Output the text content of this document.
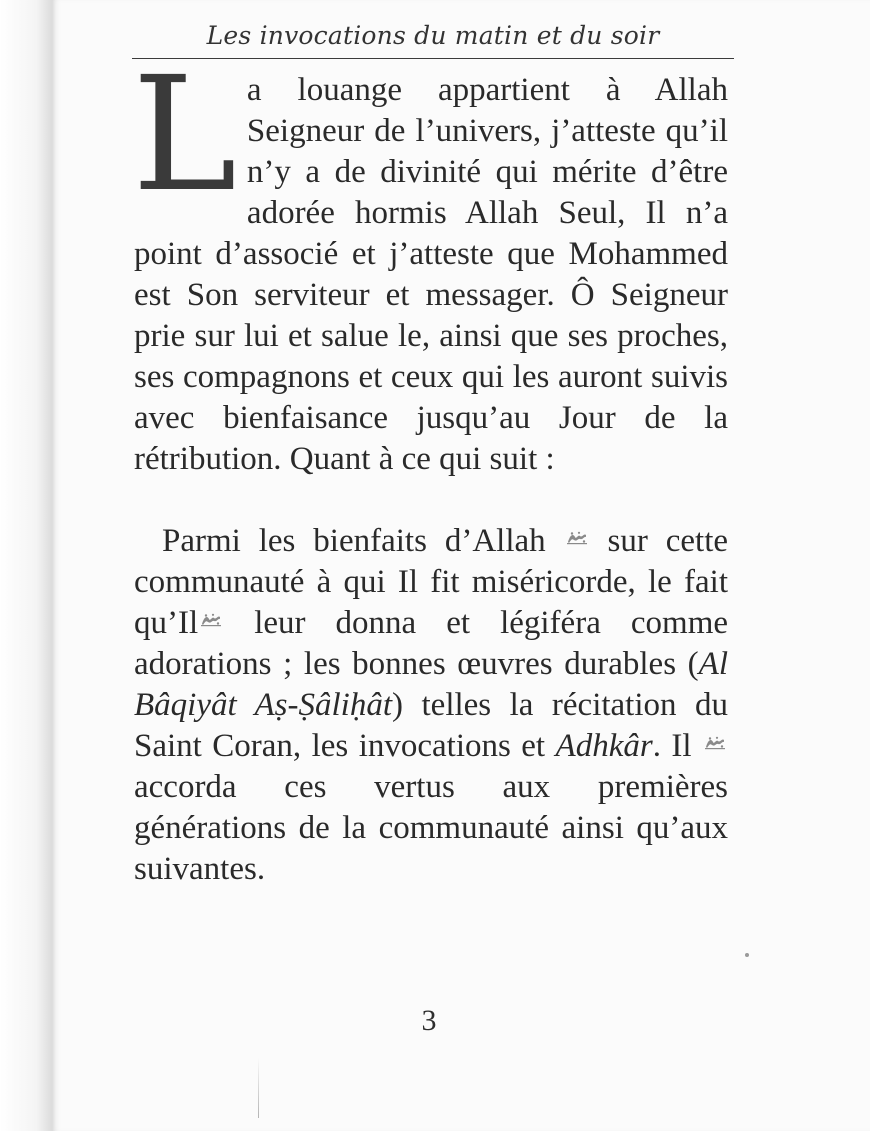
Les invocations du matin et du soir

La louange appartient à Allah Seigneur de l’univers, j’atteste qu’il n’y a de divinité qui mérite d’être adorée hormis Allah Seul, Il n’a point d’associé et j’atteste que Mohammed est Son serviteur et messager. Ô Seigneur prie sur lui et salue le, ainsi que ses proches, ses compagnons et ceux qui les auront suivis avec bienfaisance jusqu’au Jour de la rétribution. Quant à ce qui suit :

Parmi les bienfaits d’Allah sur cette communauté à qui Il fit miséricorde, le fait qu’Il leur donna et légiféra comme adorations ; les bonnes œuvres durables (Al Bâqiyât Aṣ-Ṣâliḥât) telles la récitation du Saint Coran, les invocations et Adhkâr. Il
accorda ces vertus aux premières générations de la communauté ainsi qu’aux suivantes.

3
